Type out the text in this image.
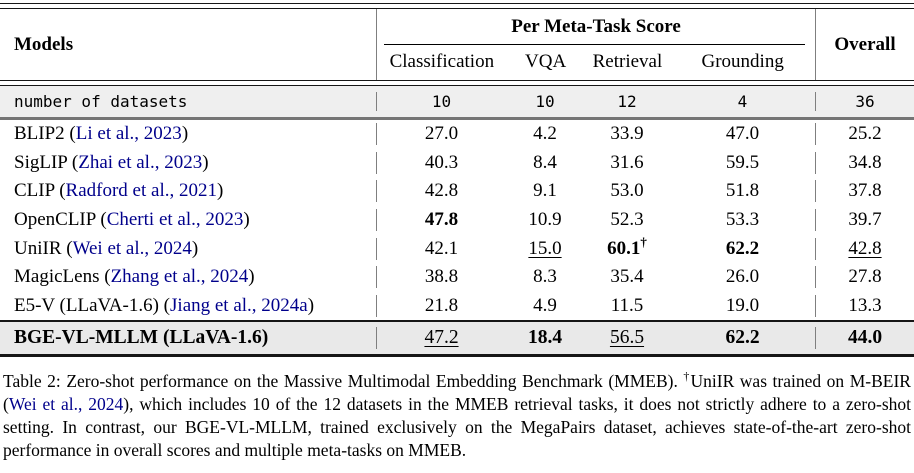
Models
Per Meta-Task Score
Classification	VQA	Retrieval	Grounding
Overall
number of datasets	10	10	12	4	36
BLIP2 (Li et al., 2023)	27.0	4.2	33.9	47.0	25.2
SigLIP (Zhai et al., 2023)	40.3	8.4	31.6	59.5	34.8
CLIP (Radford et al., 2021)	42.8	9.1	53.0	51.8	37.8
OpenCLIP (Cherti et al., 2023)	47.8	10.9	52.3	53.3	39.7
UniIR (Wei et al., 2024)	42.1	15.0	60.1†	62.2	42.8
MagicLens (Zhang et al., 2024)	38.8	8.3	35.4	26.0	27.8
E5-V (LLaVA-1.6) (Jiang et al., 2024a)	21.8	4.9	11.5	19.0	13.3
BGE-VL-MLLM (LLaVA-1.6)	47.2	18.4	56.5	62.2	44.0

Table 2: Zero-shot performance on the Massive Multimodal Embedding Benchmark (MMEB). †UniIR was trained on M-BEIR (Wei et al., 2024), which includes 10 of the 12 datasets in the MMEB retrieval tasks, it does not strictly adhere to a zero-shot setting. In contrast, our BGE-VL-MLLM, trained exclusively on the MegaPairs dataset, achieves state-of-the-art zero-shot performance in overall scores and multiple meta-tasks on MMEB.
